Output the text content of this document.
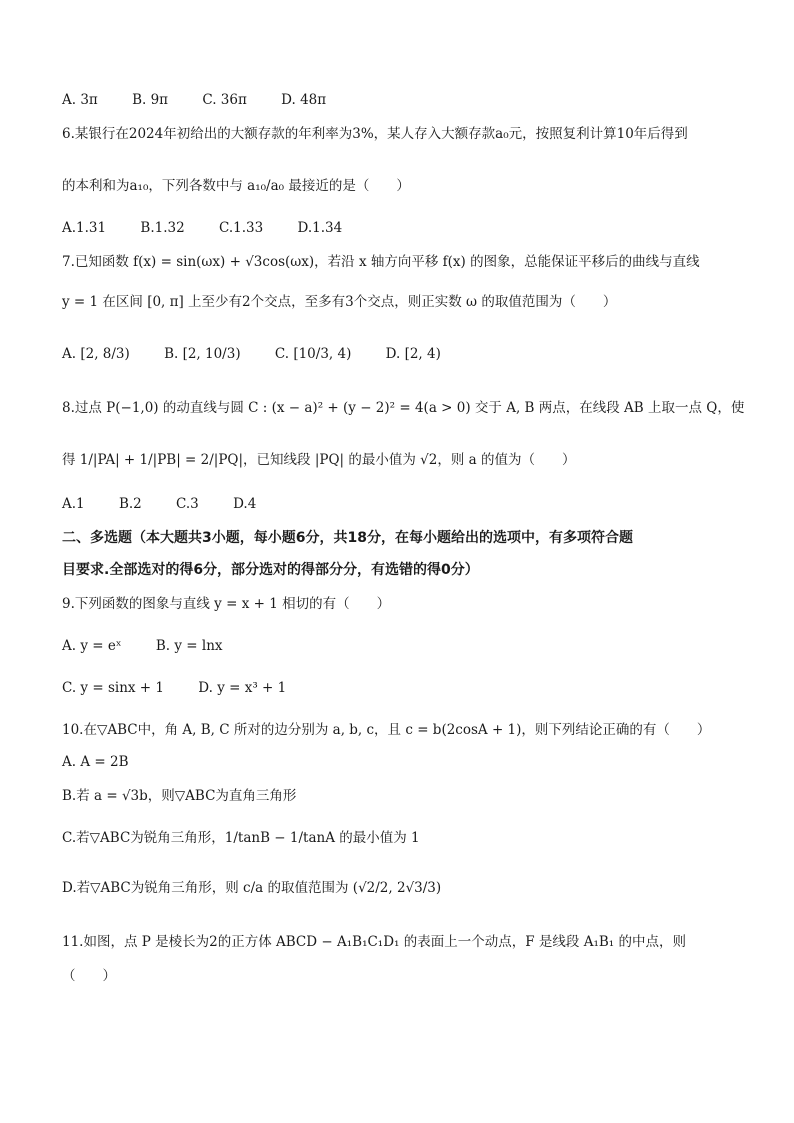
A. 3π	B. 9π	C. 36π	D. 48π
6.某银行在2024年初给出的大额存款的年利率为3%，某人存入大额存款a₀元，按照复利计算10年后得到
的本利和为a₁₀，下列各数中与 a₁₀/a₀ 最接近的是（　　）
A.1.31	B.1.32	C.1.33	D.1.34
7.已知函数 f(x) = sin(ωx) + √3cos(ωx)，若沿 x 轴方向平移 f(x) 的图象，总能保证平移后的曲线与直线
y = 1 在区间 [0, π] 上至少有2个交点，至多有3个交点，则正实数 ω 的取值范围为（　　）
A. [2, 8/3)	B. [2, 10/3)	C. [10/3, 4)	D. [2, 4)
8.过点 P(−1,0) 的动直线与圆 C : (x − a)² + (y − 2)² = 4(a > 0) 交于 A, B 两点，在线段 AB 上取一点 Q，使
得 1/|PA| + 1/|PB| = 2/|PQ|，已知线段 |PQ| 的最小值为 √2，则 a 的值为（　　）
A.1	B.2	C.3	D.4
二、多选题（本大题共3小题，每小题6分，共18分，在每小题给出的选项中，有多项符合题
目要求.全部选对的得6分，部分选对的得部分分，有选错的得0分）
9.下列函数的图象与直线 y = x + 1 相切的有（　　）
A. y = eˣ	B. y = lnx
C. y = sinx + 1	D. y = x³ + 1
10.在▽ABC中，角 A, B, C 所对的边分别为 a, b, c，且 c = b(2cosA + 1)，则下列结论正确的有（　　）
A. A = 2B
B.若 a = √3b，则▽ABC为直角三角形
C.若▽ABC为锐角三角形，1/tanB − 1/tanA 的最小值为 1
D.若▽ABC为锐角三角形，则 c/a 的取值范围为 (√2/2, 2√3/3)
11.如图，点 P 是棱长为2的正方体 ABCD − A₁B₁C₁D₁ 的表面上一个动点，F 是线段 A₁B₁ 的中点，则
（　　）
